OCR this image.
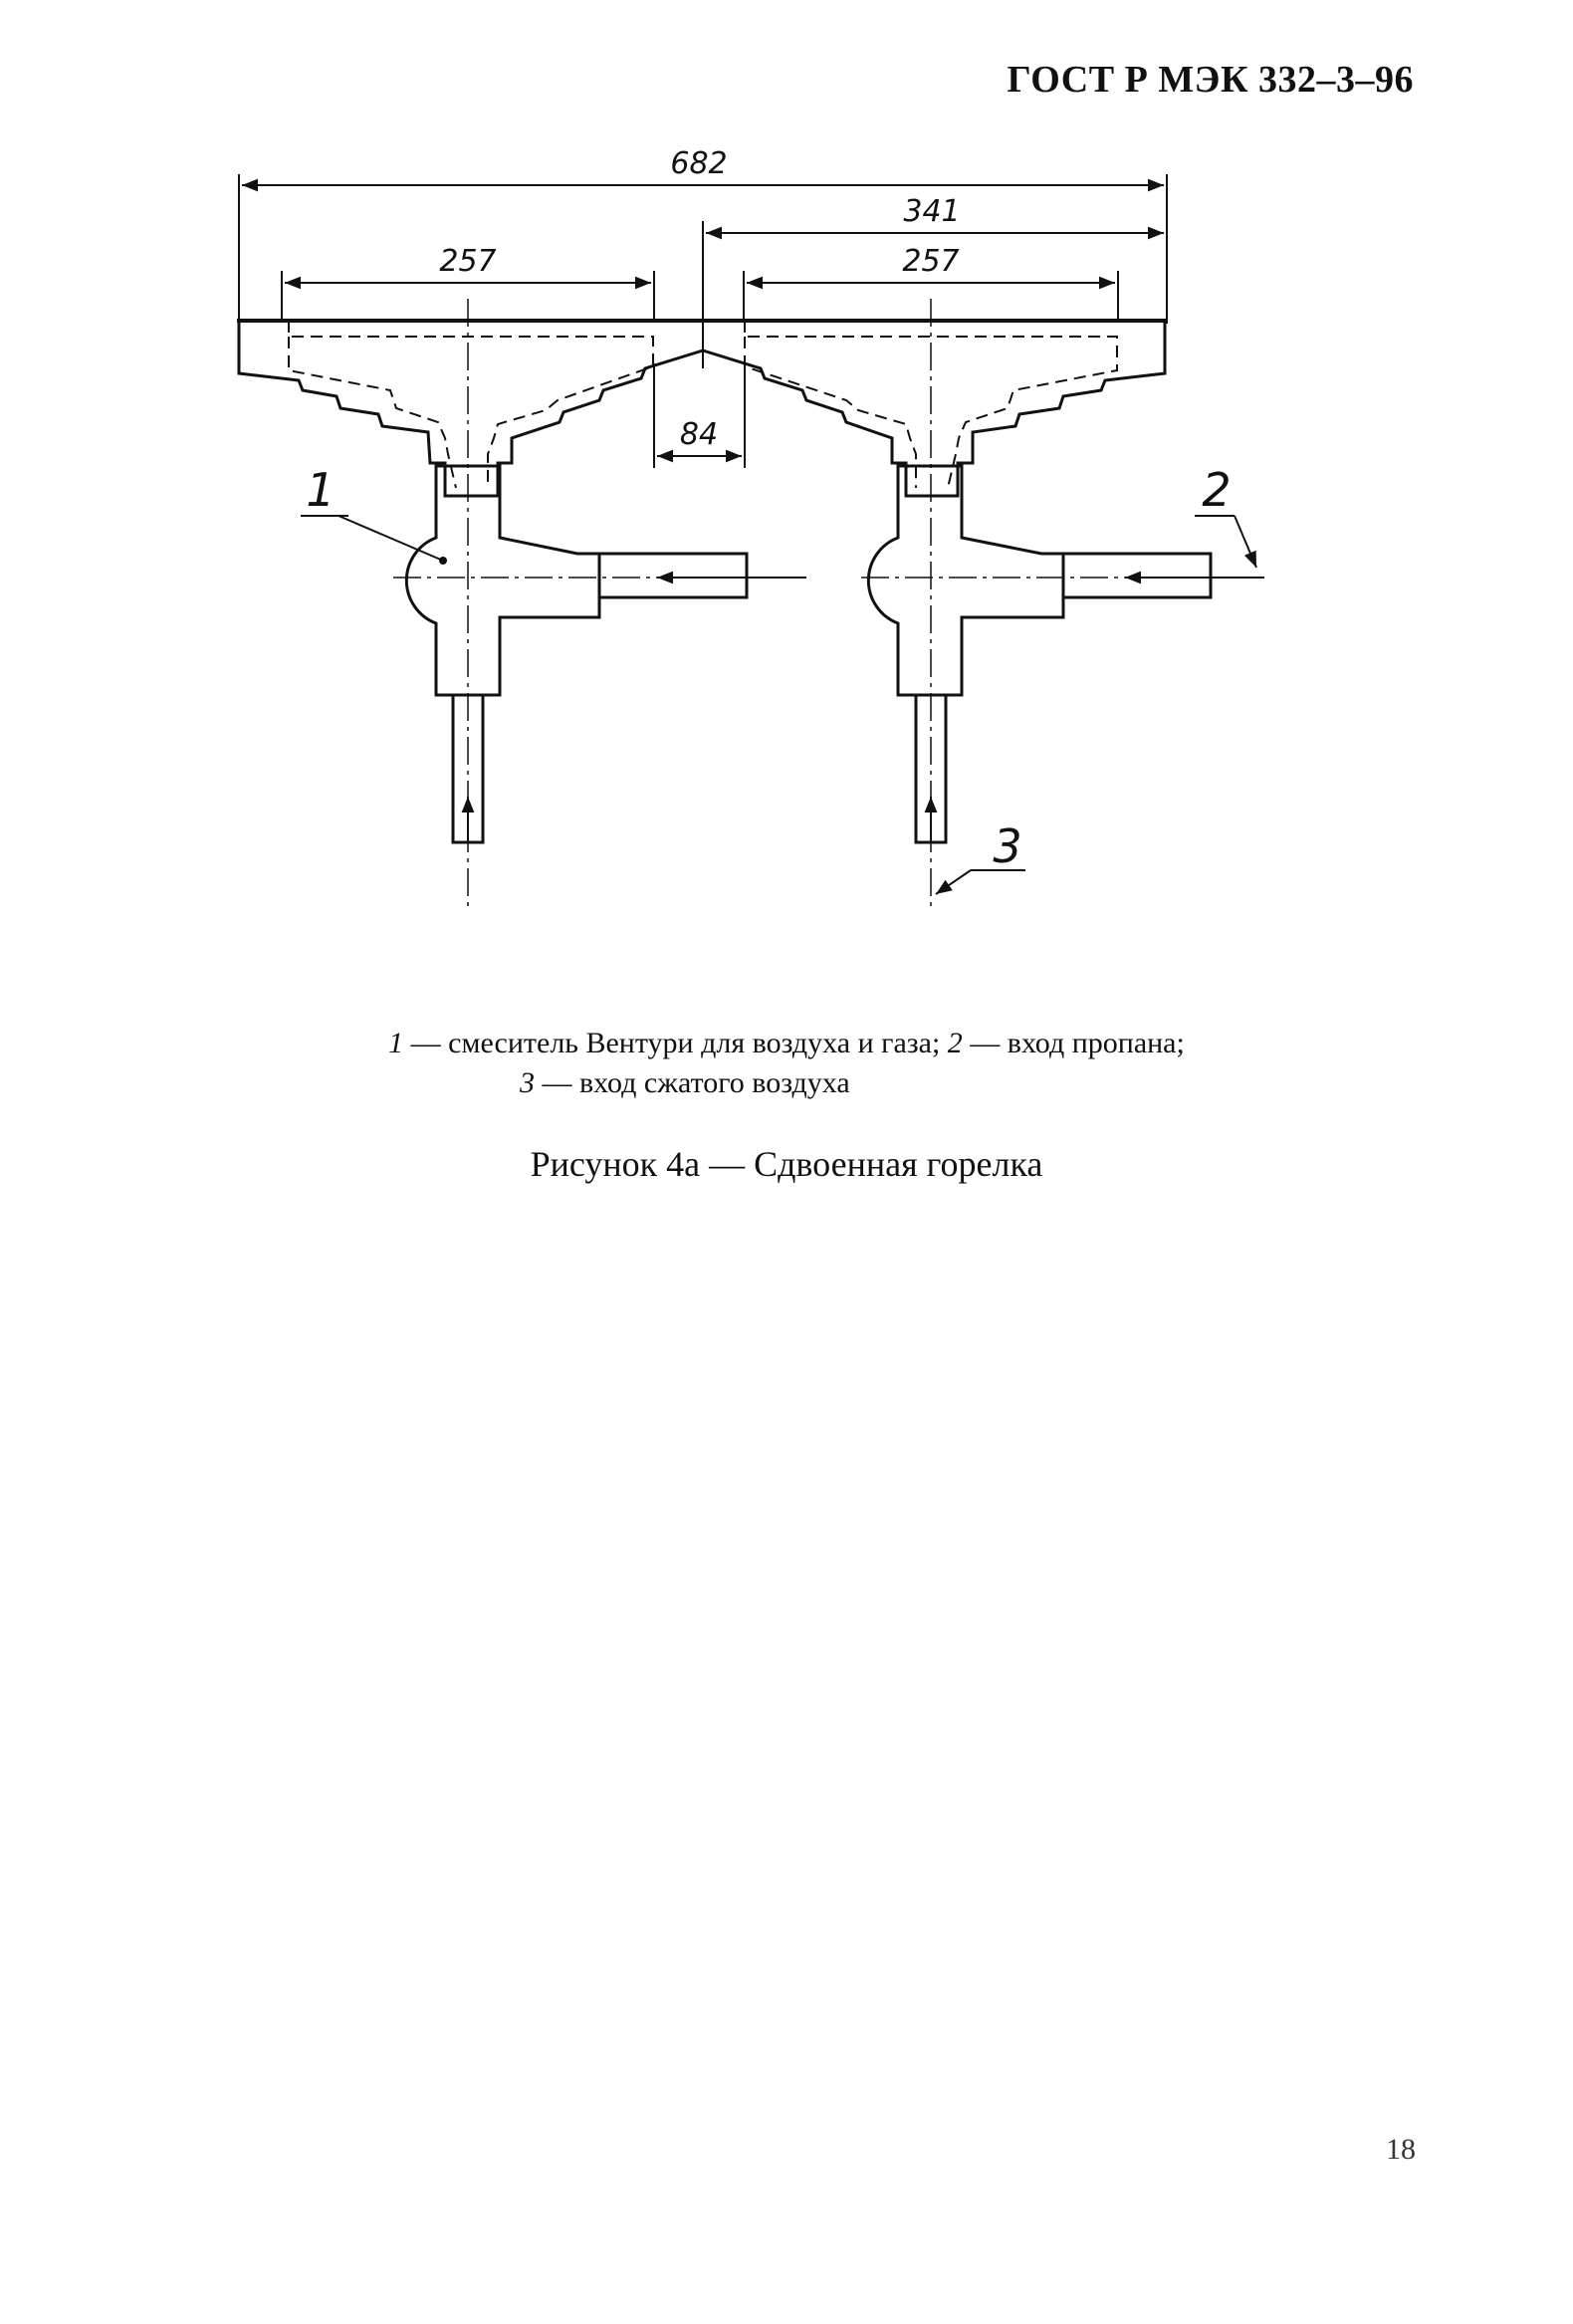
ГОСТ Р МЭК 332–3–96
682
341
257	257
84
1	2
3
1 — смеситель Вентури для воздуха и газа; 2 — вход пропана;
3 — вход сжатого воздуха
Рисунок 4а — Сдвоенная горелка
18
